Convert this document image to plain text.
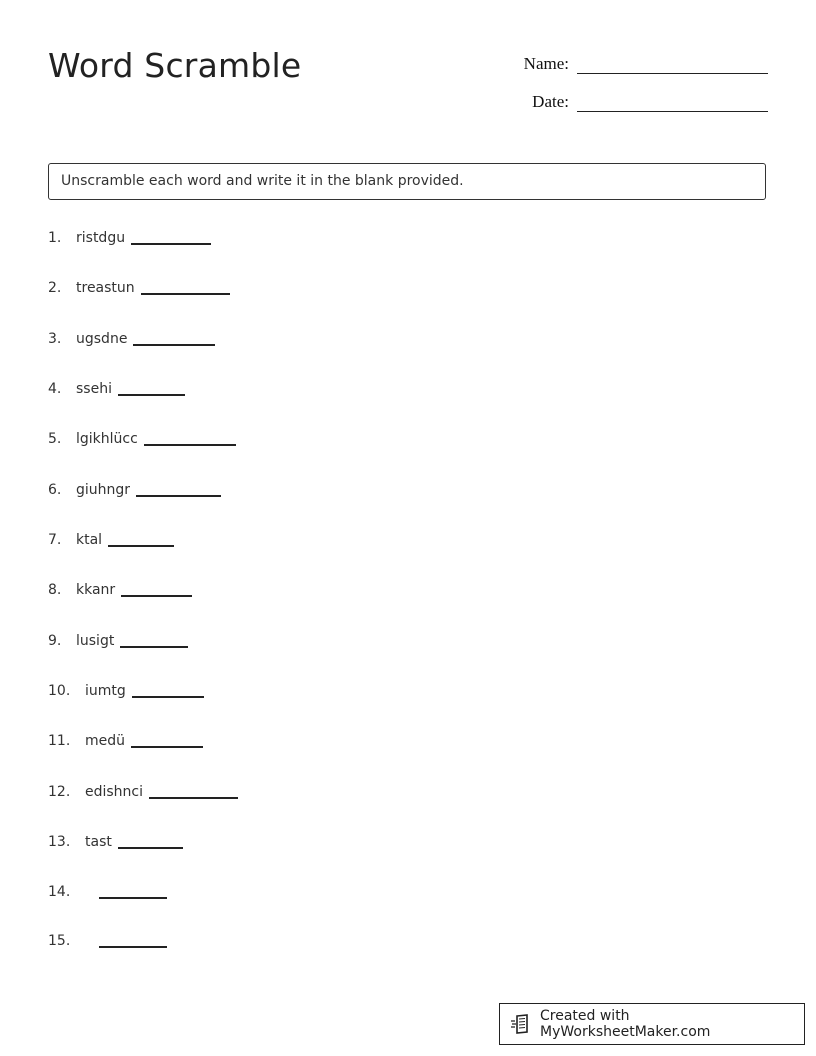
Word Scramble	Name:
Date:
Unscramble each word and write it in the blank provided.
1.	ristdgu
2.	treastun
3.	ugsdne
4.	ssehi
5.	lgikhlücc
6.	giuhngr
7.	ktal
8.	kkanr
9.	lusigt
10.	iumtg
11.	medü
12.	edishnci
13.	tast
14.
15.
Created with MyWorksheetMaker.com
